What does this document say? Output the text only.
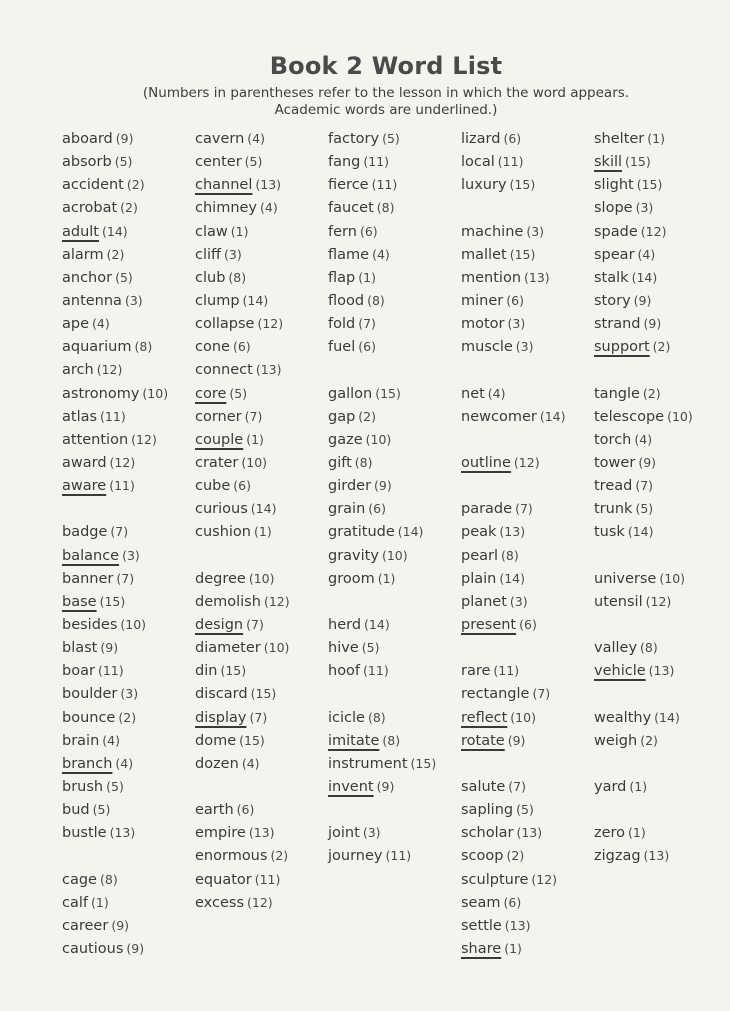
Book 2 Word List
(Numbers in parentheses refer to the lesson in which the word appears.
Academic words are underlined.)
aboard (9)
absorb (5)
accident (2)
acrobat (2)
adult (14)
alarm (2)
anchor (5)
antenna (3)
ape (4)
aquarium (8)
arch (12)
astronomy (10)
atlas (11)
attention (12)
award (12)
aware (11)
badge (7)
balance (3)
banner (7)
base (15)
besides (10)
blast (9)
boar (11)
boulder (3)
bounce (2)
brain (4)
branch (4)
brush (5)
bud (5)
bustle (13)
cage (8)
calf (1)
career (9)
cautious (9)
cavern (4)
center (5)
channel (13)
chimney (4)
claw (1)
cliff (3)
club (8)
clump (14)
collapse (12)
cone (6)
connect (13)
core (5)
corner (7)
couple (1)
crater (10)
cube (6)
curious (14)
cushion (1)
degree (10)
demolish (12)
design (7)
diameter (10)
din (15)
discard (15)
display (7)
dome (15)
dozen (4)
earth (6)
empire (13)
enormous (2)
equator (11)
excess (12)
factory (5)
fang (11)
fierce (11)
faucet (8)
fern (6)
flame (4)
flap (1)
flood (8)
fold (7)
fuel (6)
gallon (15)
gap (2)
gaze (10)
gift (8)
girder (9)
grain (6)
gratitude (14)
gravity (10)
groom (1)
herd (14)
hive (5)
hoof (11)
icicle (8)
imitate (8)
instrument (15)
invent (9)
joint (3)
journey (11)
lizard (6)
local (11)
luxury (15)
machine (3)
mallet (15)
mention (13)
miner (6)
motor (3)
muscle (3)
net (4)
newcomer (14)
outline (12)
parade (7)
peak (13)
pearl (8)
plain (14)
planet (3)
present (6)
rare (11)
rectangle (7)
reflect (10)
rotate (9)
salute (7)
sapling (5)
scholar (13)
scoop (2)
sculpture (12)
seam (6)
settle (13)
share (1)
shelter (1)
skill (15)
slight (15)
slope (3)
spade (12)
spear (4)
stalk (14)
story (9)
strand (9)
support (2)
tangle (2)
telescope (10)
torch (4)
tower (9)
tread (7)
trunk (5)
tusk (14)
universe (10)
utensil (12)
valley (8)
vehicle (13)
wealthy (14)
weigh (2)
yard (1)
zero (1)
zigzag (13)
